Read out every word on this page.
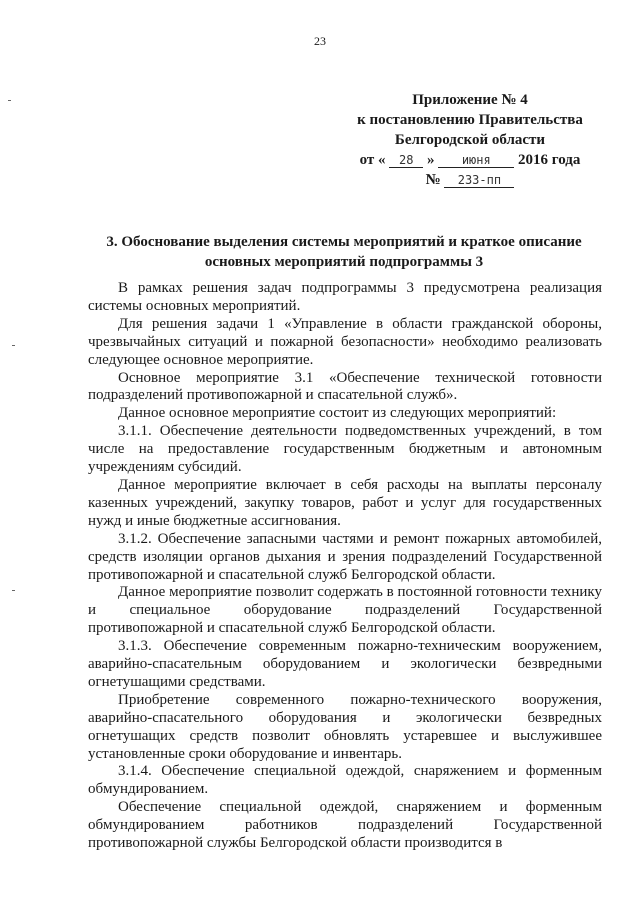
23
Приложение № 4
к постановлению Правительства
Белгородской области
от « 28 » июня 2016 года
№ 233-пп
3. Обоснование выделения системы мероприятий и краткое описание основных мероприятий подпрограммы 3

В рамках решения задач подпрограммы 3 предусмотрена реализация системы основных мероприятий.

Для решения задачи 1 «Управление в области гражданской обороны, чрезвычайных ситуаций и пожарной безопасности» необходимо реализовать следующее основное мероприятие.

Основное мероприятие 3.1 «Обеспечение технической готовности подразделений противопожарной и спасательной служб».

Данное основное мероприятие состоит из следующих мероприятий:

3.1.1. Обеспечение деятельности подведомственных учреждений, в том числе на предоставление государственным бюджетным и автономным учреждениям субсидий.

Данное мероприятие включает в себя расходы на выплаты персоналу казенных учреждений, закупку товаров, работ и услуг для государственных нужд и иные бюджетные ассигнования.

3.1.2. Обеспечение запасными частями и ремонт пожарных автомобилей, средств изоляции органов дыхания и зрения подразделений Государственной противопожарной и спасательной служб Белгородской области.

Данное мероприятие позволит содержать в постоянной готовности технику и специальное оборудование подразделений Государственной противопожарной и спасательной служб Белгородской области.

3.1.3. Обеспечение современным пожарно-техническим вооружением, аварийно-спасательным оборудованием и экологически безвредными огнетушащими средствами.

Приобретение современного пожарно-технического вооружения, аварийно-спасательного оборудования и экологически безвредных огнетушащих средств позволит обновлять устаревшее и выслужившее установленные сроки оборудование и инвентарь.

3.1.4. Обеспечение специальной одеждой, снаряжением и форменным обмундированием.

Обеспечение специальной одеждой, снаряжением и форменным обмундированием работников подразделений Государственной противопожарной службы Белгородской области производится в
